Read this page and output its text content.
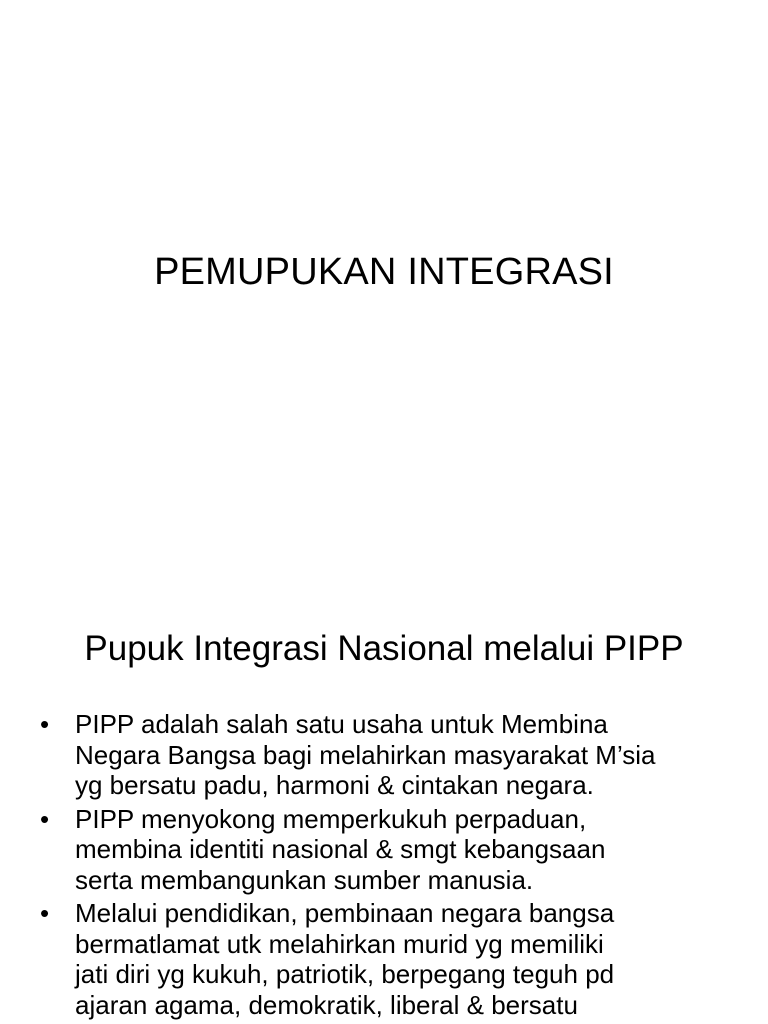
PEMUPUKAN INTEGRASI
Pupuk Integrasi Nasional melalui PIPP
• PIPP adalah salah satu usaha untuk Membina
Negara Bangsa bagi melahirkan masyarakat M’sia
yg bersatu padu, harmoni & cintakan negara.
• PIPP menyokong memperkukuh perpaduan,
membina identiti nasional & smgt kebangsaan
serta membangunkan sumber manusia.
• Melalui pendidikan, pembinaan negara bangsa
bermatlamat utk melahirkan murid yg memiliki
jati diri yg kukuh, patriotik, berpegang teguh pd
ajaran agama, demokratik, liberal & bersatu
